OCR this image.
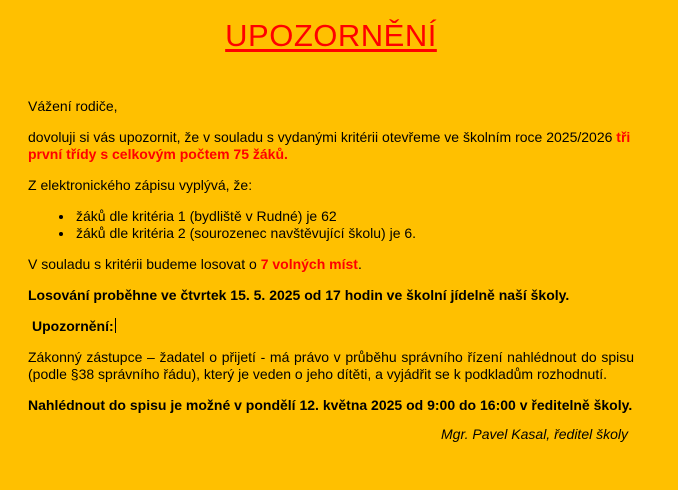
UPOZORNĚNÍ

Vážení rodiče,

dovoluji si vás upozornit, že v souladu s vydanými kritérii otevřeme ve školním roce 2025/2026 tři první třídy s celkovým počtem 75 žáků.

Z elektronického zápisu vyplývá, že:

• žáků dle kritéria 1 (bydliště v Rudné) je 62
• žáků dle kritéria 2 (sourozenec navštěvující školu) je 6.

V souladu s kritérii budeme losovat o 7 volných míst.

Losování proběhne ve čtvrtek 15. 5. 2025 od 17 hodin ve školní jídelně naší školy.

Upozornění:

Zákonný zástupce – žadatel o přijetí - má právo v průběhu správního řízení nahlédnout do spisu (podle §38 správního řádu), který je veden o jeho dítěti, a vyjádřit se k podkladům rozhodnutí.

Nahlédnout do spisu je možné v pondělí 12. května 2025 od 9:00 do 16:00 v ředitelně školy.

Mgr. Pavel Kasal, ředitel školy
